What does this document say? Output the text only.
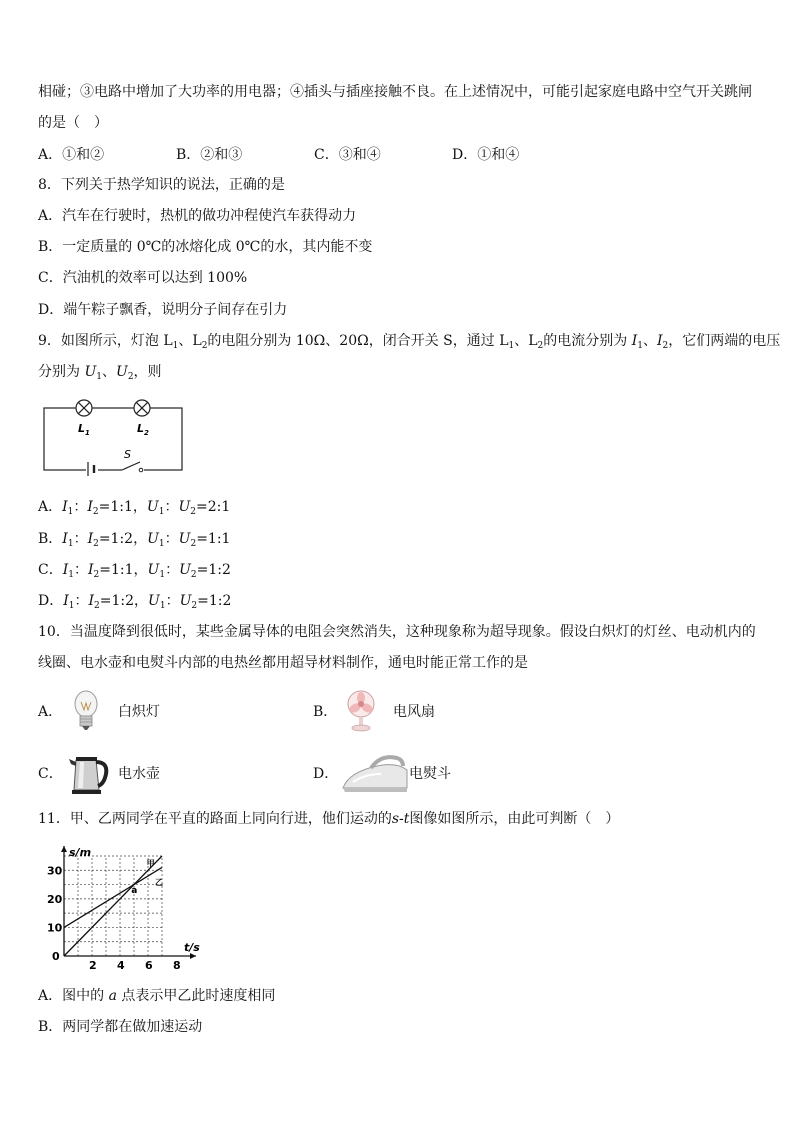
相碰；③电路中增加了大功率的用电器；④插头与插座接触不良。在上述情况中，可能引起家庭电路中空气开关跳闸
的是（　）
A．①和②	B．②和③	C．③和④	D．①和④
8．下列关于热学知识的说法，正确的是
A．汽车在行驶时，热机的做功冲程使汽车获得动力
B．一定质量的 0℃的冰熔化成 0℃的水，其内能不变
C．汽油机的效率可以达到 100%
D．端午粽子飘香，说明分子间存在引力
9．如图所示，灯泡 $L_1$、$L_2$的电阻分别为 10Ω、20Ω，闭合开关 S，通过 $L_1$、$L_2$的电流分别为 $I_1$、$I_2$，它们两端的电压
分别为 $U_1$、$U_2$，则
$L_1$	$L_2$
S
A．$I_1$：$I_2=1:1$，$U_1$：$U_2=2:1$
B．$I_1$：$I_2=1:2$，$U_1$：$U_2=1:1$
C．$I_1$：$I_2=1:1$，$U_1$：$U_2=1:2$
D．$I_1$：$I_2=1:2$，$U_1$：$U_2=1:2$
10．当温度降到很低时，某些金属导体的电阻会突然消失，这种现象称为超导现象。假设白炽灯的灯丝、电动机内的
线圈、电水壶和电熨斗内部的电热丝都用超导材料制作，通电时能正常工作的是
A．	白炽灯	B．	电风扇
C．	电水壶	D．	电熨斗
11．甲、乙两同学在平直的路面上同向行进，他们运动的s-t图像如图所示，由此可判断（　）
s/m
t/s
0
2 4 6 8
10
20
30
甲
乙
a
A．图中的 a 点表示甲乙此时速度相同
B．两同学都在做加速运动
